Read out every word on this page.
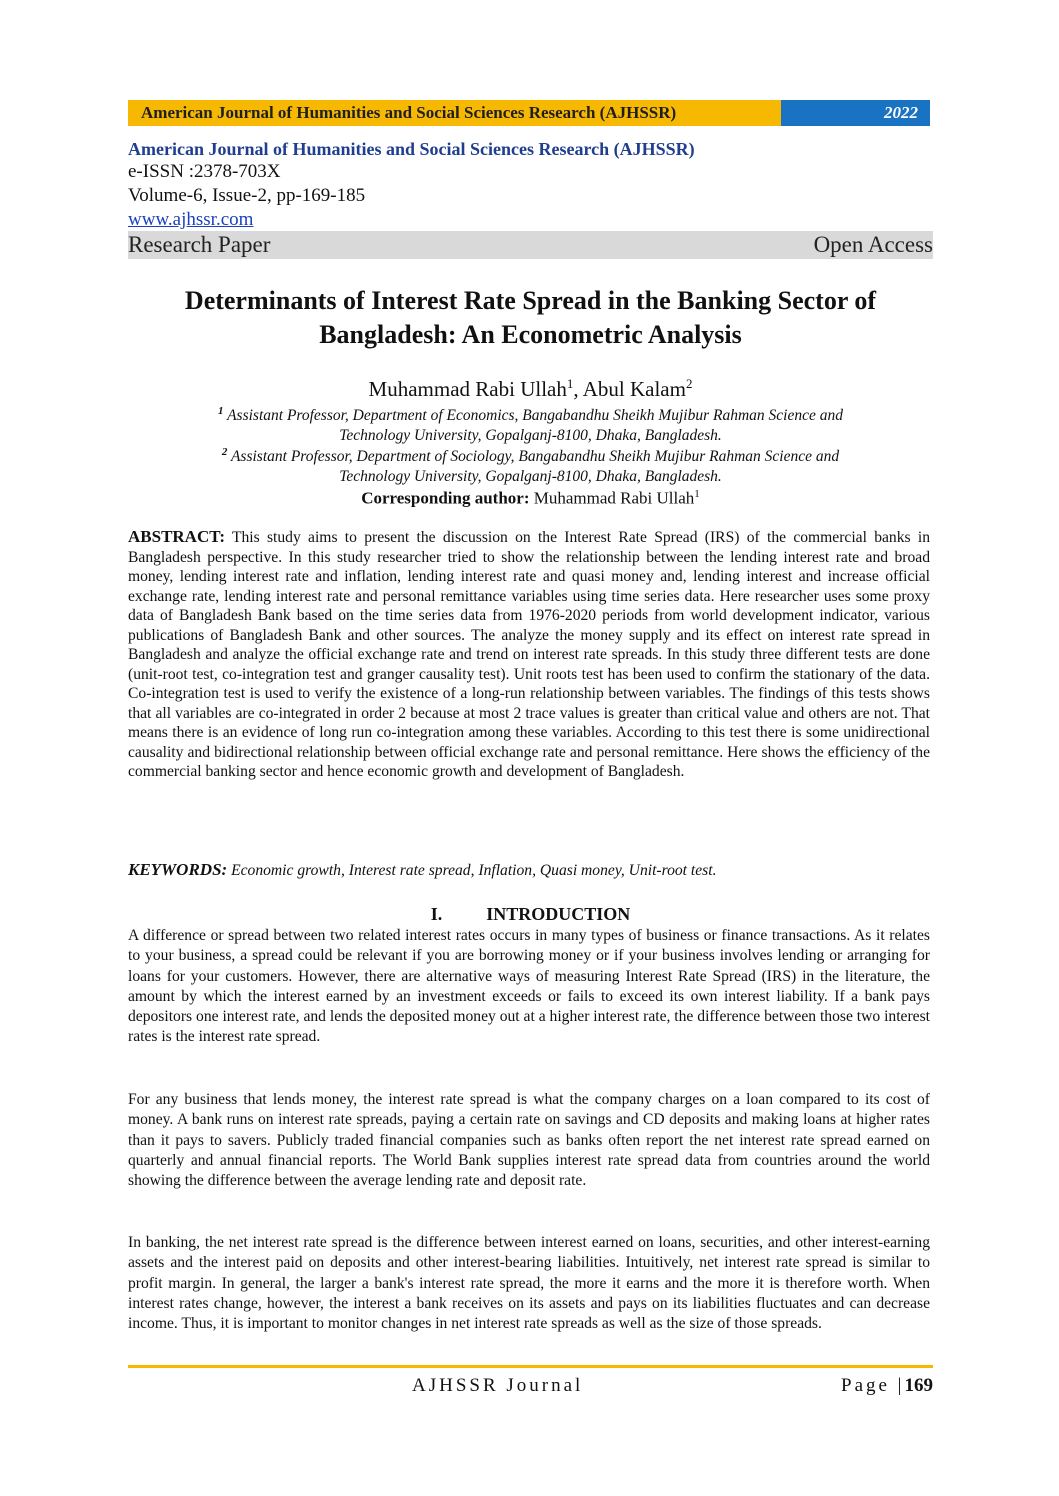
American Journal of Humanities and Social Sciences Research (AJHSSR)	2022
American Journal of Humanities and Social Sciences Research (AJHSSR)
e-ISSN :2378-703X
Volume-6, Issue-2, pp-169-185
www.ajhssr.com
Research Paper	Open Access
Determinants of Interest Rate Spread in the Banking Sector of
Bangladesh: An Econometric Analysis
Muhammad Rabi Ullah$^1$, Abul Kalam$^2$
$^1$ Assistant Professor, Department of Economics, Bangabandhu Sheikh Mujibur Rahman Science and
Technology University, Gopalganj-8100, Dhaka, Bangladesh.
$^2$ Assistant Professor, Department of Sociology, Bangabandhu Sheikh Mujibur Rahman Science and
Technology University, Gopalganj-8100, Dhaka, Bangladesh.
Corresponding author: Muhammad Rabi Ullah$^1$
ABSTRACT: This study aims to present the discussion on the Interest Rate Spread (IRS) of the commercial banks in Bangladesh perspective. In this study researcher tried to show the relationship between the lending interest rate and broad money, lending interest rate and inflation, lending interest rate and quasi money and, lending interest and increase official exchange rate, lending interest rate and personal remittance variables using time series data. Here researcher uses some proxy data of Bangladesh Bank based on the time series data from 1976-2020 periods from world development indicator, various publications of Bangladesh Bank and other sources. The analyze the money supply and its effect on interest rate spread in Bangladesh and analyze the official exchange rate and trend on interest rate spreads. In this study three different tests are done (unit-root test, co-integration test and granger causality test). Unit roots test has been used to confirm the stationary of the data. Co-integration test is used to verify the existence of a long-run relationship between variables. The findings of this tests shows that all variables are co-integrated in order 2 because at most 2 trace values is greater than critical value and others are not. That means there is an evidence of long run co-integration among these variables. According to this test there is some unidirectional causality and bidirectional relationship between official exchange rate and personal remittance. Here shows the efficiency of the commercial banking sector and hence economic growth and development of Bangladesh.
KEYWORDS: Economic growth, Interest rate spread, Inflation, Quasi money, Unit-root test.
I. INTRODUCTION
A difference or spread between two related interest rates occurs in many types of business or finance transactions. As it relates to your business, a spread could be relevant if you are borrowing money or if your business involves lending or arranging for loans for your customers. However, there are alternative ways of measuring Interest Rate Spread (IRS) in the literature, the amount by which the interest earned by an investment exceeds or fails to exceed its own interest liability. If a bank pays depositors one interest rate, and lends the deposited money out at a higher interest rate, the difference between those two interest rates is the interest rate spread.
For any business that lends money, the interest rate spread is what the company charges on a loan compared to its cost of money. A bank runs on interest rate spreads, paying a certain rate on savings and CD deposits and making loans at higher rates than it pays to savers. Publicly traded financial companies such as banks often report the net interest rate spread earned on quarterly and annual financial reports. The World Bank supplies interest rate spread data from countries around the world showing the difference between the average lending rate and deposit rate.
In banking, the net interest rate spread is the difference between interest earned on loans, securities, and other interest-earning assets and the interest paid on deposits and other interest-bearing liabilities. Intuitively, net interest rate spread is similar to profit margin. In general, the larger a bank's interest rate spread, the more it earns and the more it is therefore worth. When interest rates change, however, the interest a bank receives on its assets and pays on its liabilities fluctuates and can decrease income. Thus, it is important to monitor changes in net interest rate spreads as well as the size of those spreads.
AJHSSR Journal	Page |169
